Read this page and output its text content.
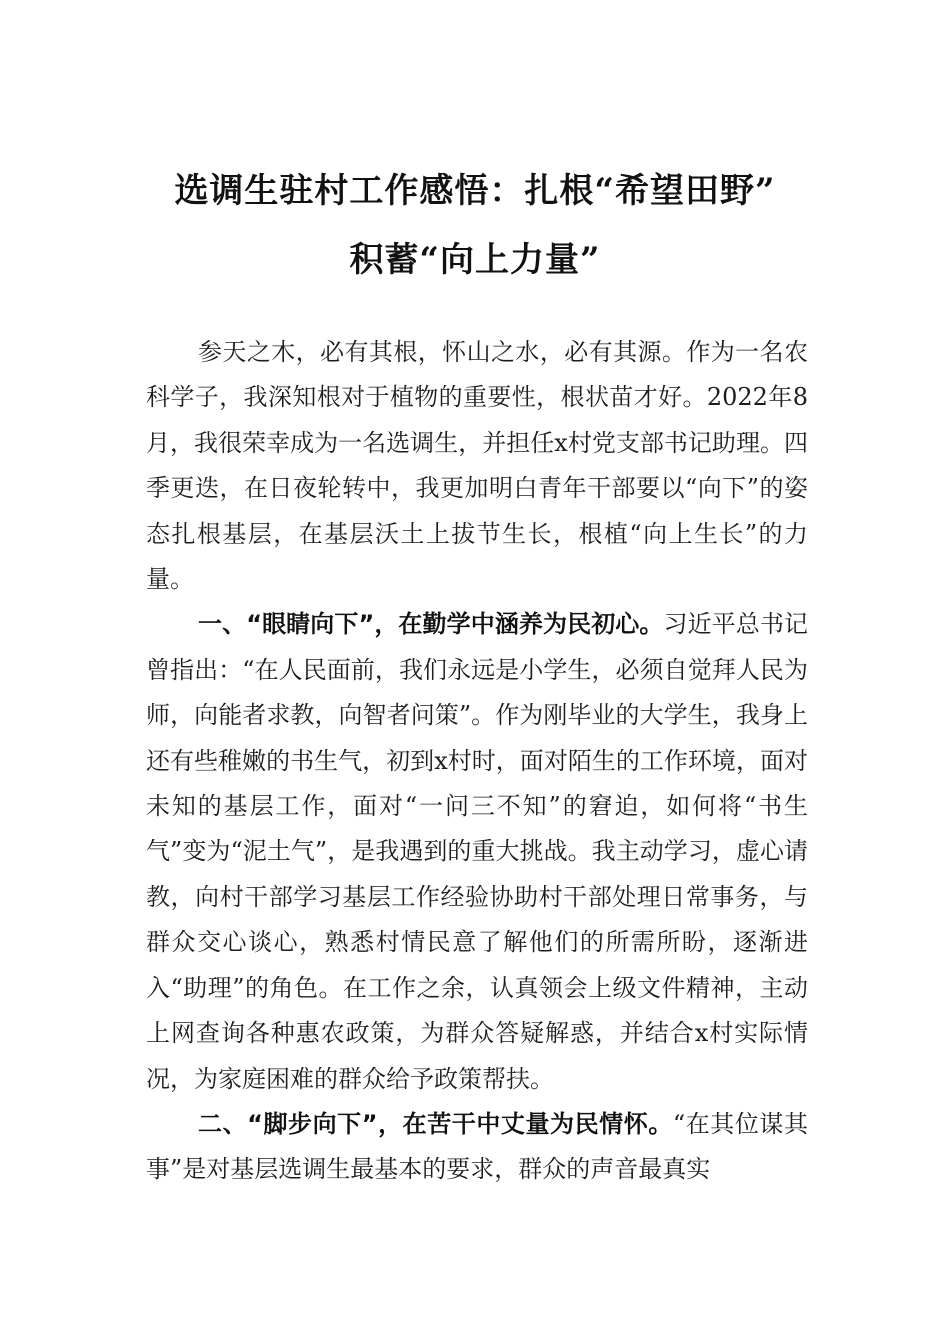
选调生驻村工作感悟：扎根“希望田野”
积蓄“向上力量”

参天之木，必有其根，怀山之水，必有其源。作为一名农科学子，我深知根对于植物的重要性，根状苗才好。2022年8月，我很荣幸成为一名选调生，并担任x村党支部书记助理。四季更迭，在日夜轮转中，我更加明白青年干部要以“向下”的姿态扎根基层，在基层沃土上拔节生长，根植“向上生长”的力量。

一、“眼睛向下”，在勤学中涵养为民初心。习近平总书记曾指出：“在人民面前，我们永远是小学生，必须自觉拜人民为师，向能者求教，向智者问策”。作为刚毕业的大学生，我身上还有些稚嫩的书生气，初到x村时，面对陌生的工作环境，面对未知的基层工作，面对“一问三不知”的窘迫，如何将“书生气”变为“泥土气”，是我遇到的重大挑战。我主动学习，虚心请教，向村干部学习基层工作经验协助村干部处理日常事务，与群众交心谈心，熟悉村情民意了解他们的所需所盼，逐渐进入“助理”的角色。在工作之余，认真领会上级文件精神，主动上网查询各种惠农政策，为群众答疑解惑，并结合x村实际情况，为家庭困难的群众给予政策帮扶。

二、“脚步向下”，在苦干中丈量为民情怀。“在其位谋其事”是对基层选调生最基本的要求，群众的声音最真实
